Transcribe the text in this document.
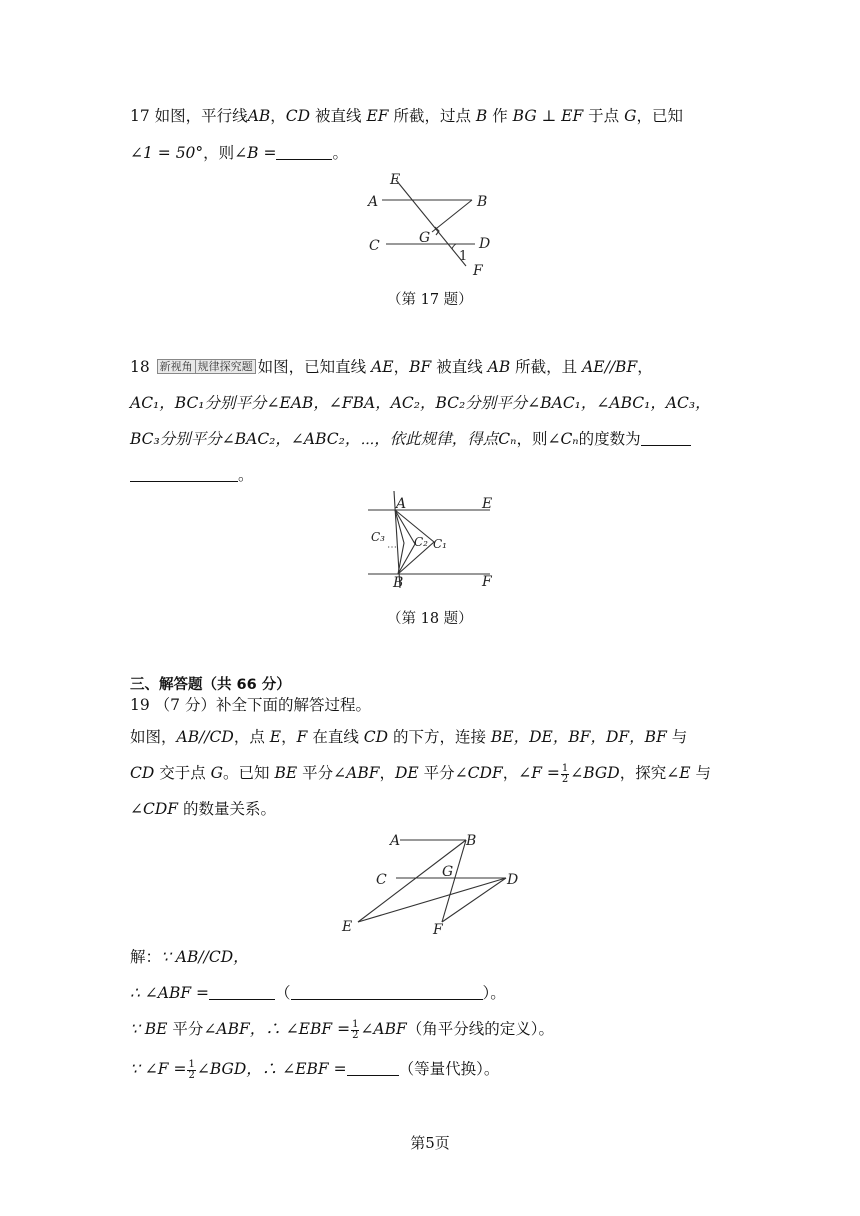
17 如图，平行线AB，CD 被直线 EF 所截，过点 B 作 BG ⊥ EF 于点 G，已知
∠1 = 50°，则∠B =	。
E
A	B
C	G	D
1
F
（第 17 题）
18 新视角 规律探究题 如图，已知直线 AE，BF 被直线 AB 所截，且 AE//BF，
AC₁，BC₁分别平分∠EAB，∠FBA，AC₂，BC₂分别平分∠BAC₁，∠ABC₁，AC₃，
BC₃分别平分∠BAC₂，∠ABC₂，⋯，依此规律，得点Cₙ，则∠Cₙ的度数为
。
A	E
C₃
⋯ C₂ C₁
B	F
（第 18 题）
三、解答题（共 66 分）
19 （7 分）补全下面的解答过程。
如图，AB//CD，点 E，F 在直线 CD 的下方，连接 BE，DE，BF，DF，BF 与
CD 交于点 G。已知 BE 平分∠ABF，DE 平分∠CDF，∠F = $\frac{1}{2}$ ∠BGD，探究∠E 与
∠CDF 的数量关系。
A	B
C	G	D
E	F
解：∵ AB//CD，
∴ ∠ABF =	（	）。
∵ BE 平分∠ABF，∴ ∠EBF = $\frac{1}{2}$ ∠ABF（角平分线的定义）。
∵ ∠F = $\frac{1}{2}$ ∠BGD，∴ ∠EBF =	（等量代换）。
第5页
